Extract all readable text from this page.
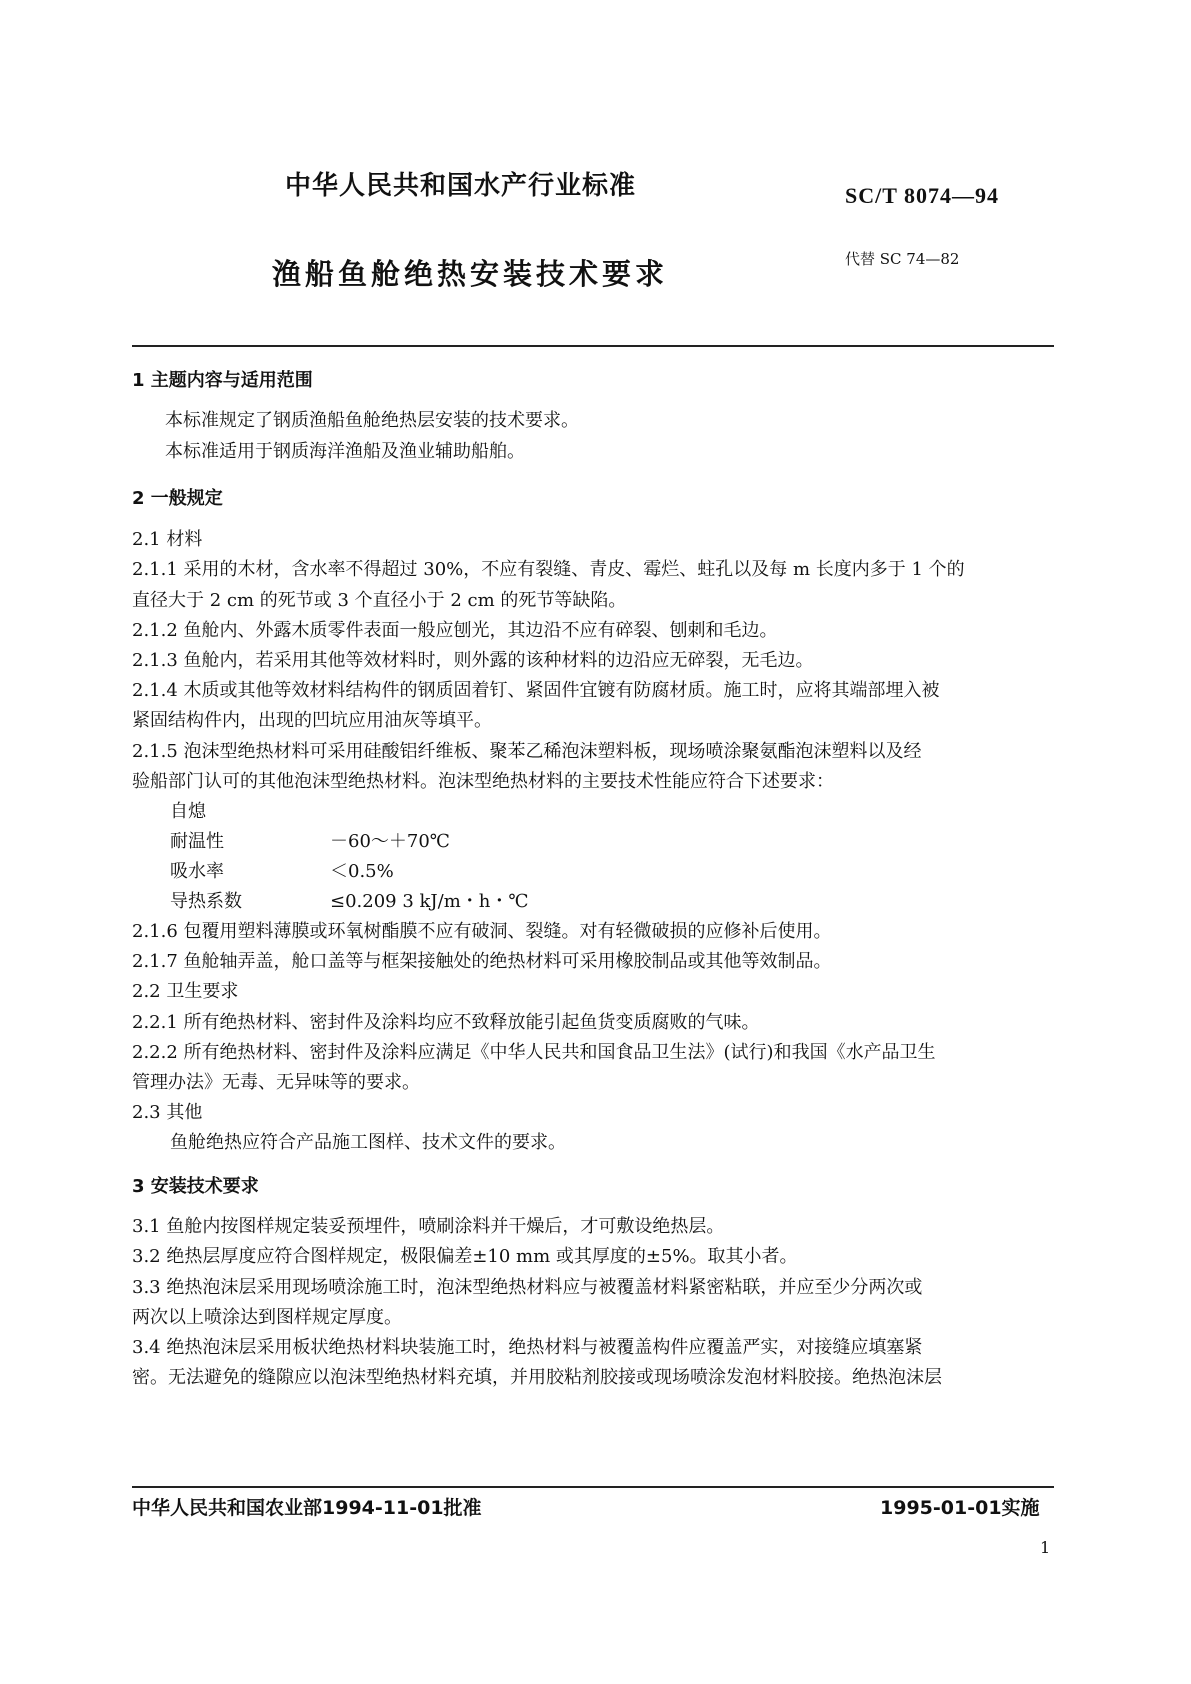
中华人民共和国水产行业标准	SC/T 8074—94
渔船鱼舱绝热安装技术要求	代替 SC 74—82
1 主题内容与适用范围
本标准规定了钢质渔船鱼舱绝热层安装的技术要求。
本标准适用于钢质海洋渔船及渔业辅助船舶。
2 一般规定
2.1 材料
2.1.1 采用的木材，含水率不得超过 30%，不应有裂缝、青皮、霉烂、蛀孔以及每 m 长度内多于 1 个的
直径大于 2 cm 的死节或 3 个直径小于 2 cm 的死节等缺陷。
2.1.2 鱼舱内、外露木质零件表面一般应刨光，其边沿不应有碎裂、刨刺和毛边。
2.1.3 鱼舱内，若采用其他等效材料时，则外露的该种材料的边沿应无碎裂，无毛边。
2.1.4 木质或其他等效材料结构件的钢质固着钉、紧固件宜镀有防腐材质。施工时，应将其端部埋入被
紧固结构件内，出现的凹坑应用油灰等填平。
2.1.5 泡沫型绝热材料可采用硅酸铝纤维板、聚苯乙稀泡沫塑料板，现场喷涂聚氨酯泡沫塑料以及经
验船部门认可的其他泡沫型绝热材料。泡沫型绝热材料的主要技术性能应符合下述要求：
自熄
耐温性	－60～＋70℃
吸水率	＜0.5%
导热系数	≤0.209 3 kJ/m・h・℃
2.1.6 包覆用塑料薄膜或环氧树酯膜不应有破洞、裂缝。对有轻微破损的应修补后使用。
2.1.7 鱼舱轴弄盖，舱口盖等与框架接触处的绝热材料可采用橡胶制品或其他等效制品。
2.2 卫生要求
2.2.1 所有绝热材料、密封件及涂料均应不致释放能引起鱼货变质腐败的气味。
2.2.2 所有绝热材料、密封件及涂料应满足《中华人民共和国食品卫生法》(试行)和我国《水产品卫生
管理办法》无毒、无异味等的要求。
2.3 其他
鱼舱绝热应符合产品施工图样、技术文件的要求。
3 安装技术要求
3.1 鱼舱内按图样规定装妥预埋件，喷刷涂料并干燥后，才可敷设绝热层。
3.2 绝热层厚度应符合图样规定，极限偏差±10 mm 或其厚度的±5%。取其小者。
3.3 绝热泡沫层采用现场喷涂施工时，泡沫型绝热材料应与被覆盖材料紧密粘联，并应至少分两次或
两次以上喷涂达到图样规定厚度。
3.4 绝热泡沫层采用板状绝热材料块装施工时，绝热材料与被覆盖构件应覆盖严实，对接缝应填塞紧
密。无法避免的缝隙应以泡沫型绝热材料充填，并用胶粘剂胶接或现场喷涂发泡材料胶接。绝热泡沫层
中华人民共和国农业部1994-11-01批准	1995-01-01实施
1
